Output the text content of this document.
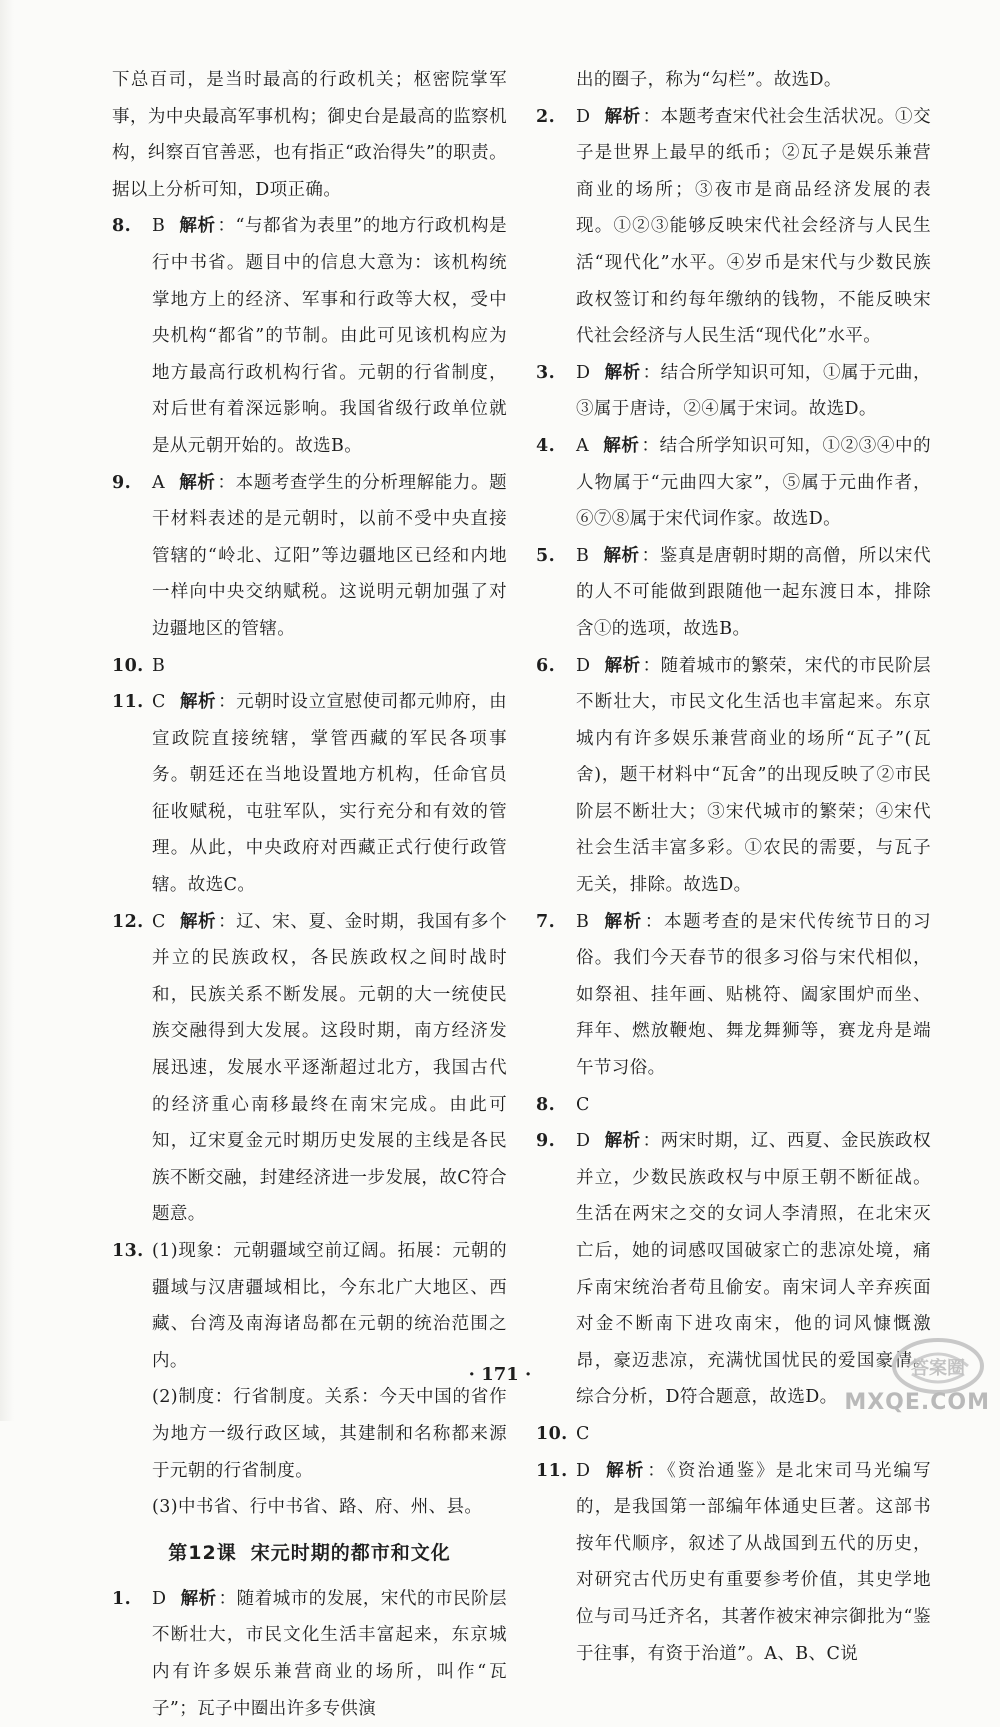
下总百司，是当时最高的行政机关；枢密院掌军事，为中央最高军事机构；御史台是最高的监察机构，纠察百官善恶，也有指正“政治得失”的职责。据以上分析可知，D项正确。
8. B 解析 ：“与都省为表里”的地方行政机构是行中书省。题目中的信息大意为：该机构统掌地方上的经济、军事和行政等大权，受中央机构“都省”的节制。由此可见该机构应为地方最高行政机构行省。元朝的行省制度，对后世有着深远影响。我国省级行政单位就是从元朝开始的。故选B。
9. A 解析 ：本题考查学生的分析理解能力。题干材料表述的是元朝时，以前不受中央直接管辖的“岭北、辽阳”等边疆地区已经和内地一样向中央交纳赋税。这说明元朝加强了对边疆地区的管辖。
10. B
11. C 解析 ：元朝时设立宣慰使司都元帅府，由宣政院直接统辖，掌管西藏的军民各项事务。朝廷还在当地设置地方机构，任命官员征收赋税，屯驻军队，实行充分和有效的管理。从此，中央政府对西藏正式行使行政管辖。故选C。
12. C 解析 ：辽、宋、夏、金时期，我国有多个并立的民族政权，各民族政权之间时战时和，民族关系不断发展。元朝的大一统使民族交融得到大发展。这段时期，南方经济发展迅速，发展水平逐渐超过北方，我国古代的经济重心南移最终在南宋完成。由此可知，辽宋夏金元时期历史发展的主线是各民族不断交融，封建经济进一步发展，故C符合题意。
13. (1)现象：元朝疆域空前辽阔。拓展：元朝的疆域与汉唐疆域相比，今东北广大地区、西藏、台湾及南海诸岛都在元朝的统治范围之内。
(2)制度：行省制度。关系：今天中国的省作为地方一级行政区域，其建制和名称都来源于元朝的行省制度。
(3)中书省、行中书省、路、府、州、县。
第12课 宋元时期的都市和文化
1. D 解析 ：随着城市的发展，宋代的市民阶层不断壮大，市民文化生活丰富起来，东京城内有许多娱乐兼营商业的场所，叫作“瓦子”；瓦子中圈出许多专供演
出的圈子，称为“勾栏”。故选D。
2. D 解析 ：本题考查宋代社会生活状况。①交子是世界上最早的纸币；②瓦子是娱乐兼营商业的场所；③夜市是商品经济发展的表现。①②③能够反映宋代社会经济与人民生活“现代化”水平。④岁币是宋代与少数民族政权签订和约每年缴纳的钱物，不能反映宋代社会经济与人民生活“现代化”水平。
3. D 解析 ：结合所学知识可知，①属于元曲，③属于唐诗，②④属于宋词。故选D。
4. A 解析 ：结合所学知识可知，①②③④中的人物属于“元曲四大家”，⑤属于元曲作者，⑥⑦⑧属于宋代词作家。故选D。
5. B 解析 ：鉴真是唐朝时期的高僧，所以宋代的人不可能做到跟随他一起东渡日本，排除含①的选项，故选B。
6. D 解析 ：随着城市的繁荣，宋代的市民阶层不断壮大，市民文化生活也丰富起来。东京城内有许多娱乐兼营商业的场所“瓦子”(瓦舍)，题干材料中“瓦舍”的出现反映了②市民阶层不断壮大；③宋代城市的繁荣；④宋代社会生活丰富多彩。①农民的需要，与瓦子无关，排除。故选D。
7. B 解析 ：本题考查的是宋代传统节日的习俗。我们今天春节的很多习俗与宋代相似，如祭祖、挂年画、贴桃符、阖家围炉而坐、拜年、燃放鞭炮、舞龙舞狮等，赛龙舟是端午节习俗。
8. C
9. D 解析 ：两宋时期，辽、西夏、金民族政权并立，少数民族政权与中原王朝不断征战。生活在两宋之交的女词人李清照，在北宋灭亡后，她的词感叹国破家亡的悲凉处境，痛斥南宋统治者苟且偷安。南宋词人辛弃疾面对金不断南下进攻南宋，他的词风慷慨激昂，豪迈悲凉，充满忧国忧民的爱国豪情。综合分析，D符合题意，故选D。
10. C
11. D 解析 ：《资治通鉴》是北宋司马光编写的，是我国第一部编年体通史巨著。这部书按年代顺序，叙述了从战国到五代的历史，对研究古代历史有重要参考价值，其史学地位与司马迁齐名，其著作被宋神宗御批为“鉴于往事，有资于治道”。A、B、C说
· 171 ·	答案圈
MXQE.COM
